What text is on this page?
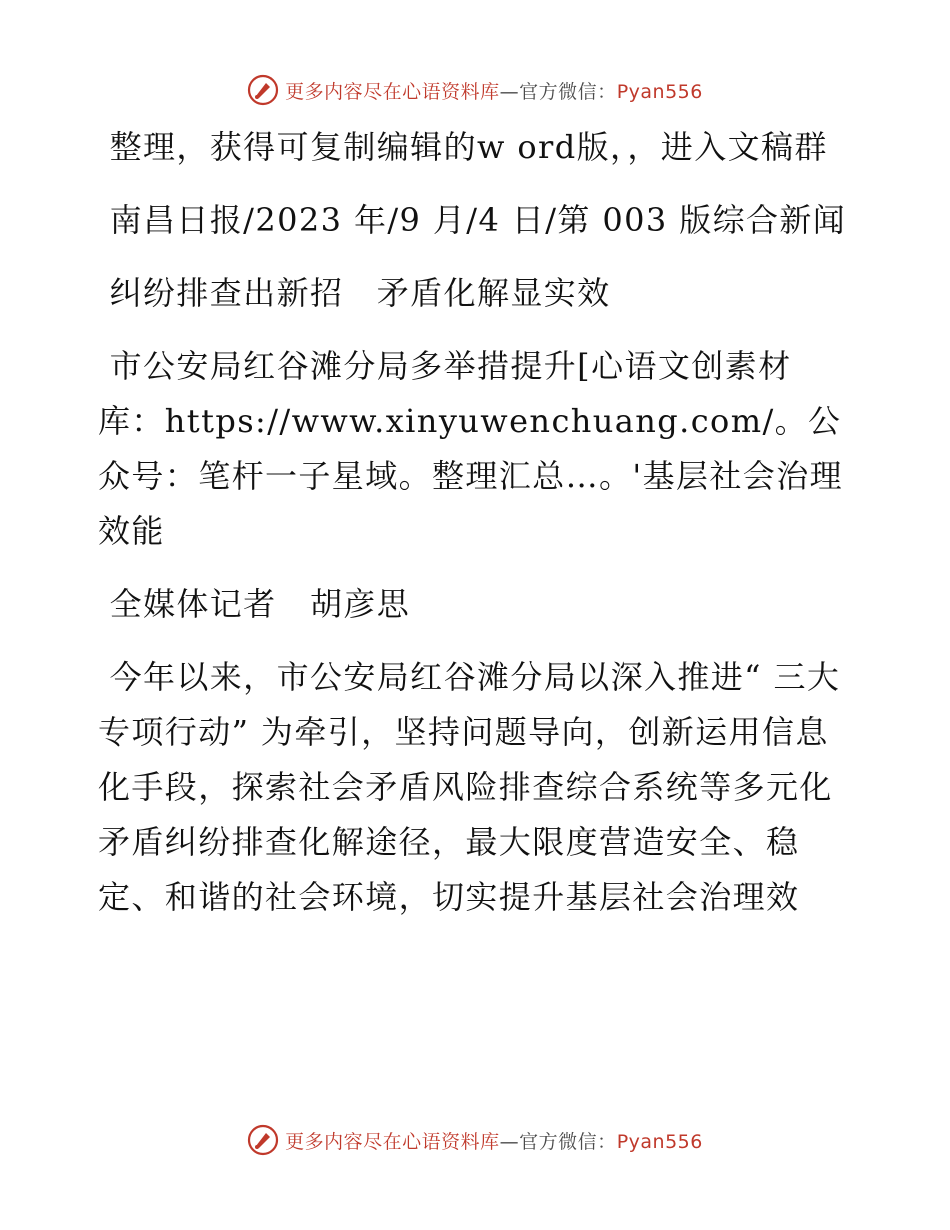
更多内容尽在心语资料库—官方微信：Pyan556

整理，获得可复制编辑的w ord版，，进入文稿群

南昌日报/2023 年/9 月/4 日/第 003 版综合新闻

纠纷排查出新招　矛盾化解显实效

市公安局红谷滩分局多举措提升[心语文创素材库：https://www.xinyuwenchuang.com/。公众号：笔杆一子星域。整理汇总…。'基层社会治理效能

全媒体记者　胡彦思

今年以来，市公安局红谷滩分局以深入推进“ 三大专项行动” 为牵引，坚持问题导向，创新运用信息化手段，探索社会矛盾风险排查综合系统等多元化矛盾纠纷排查化解途径，最大限度营造安全、稳定、和谐的社会环境，切实提升基层社会治理效

更多内容尽在心语资料库—官方微信：Pyan556
